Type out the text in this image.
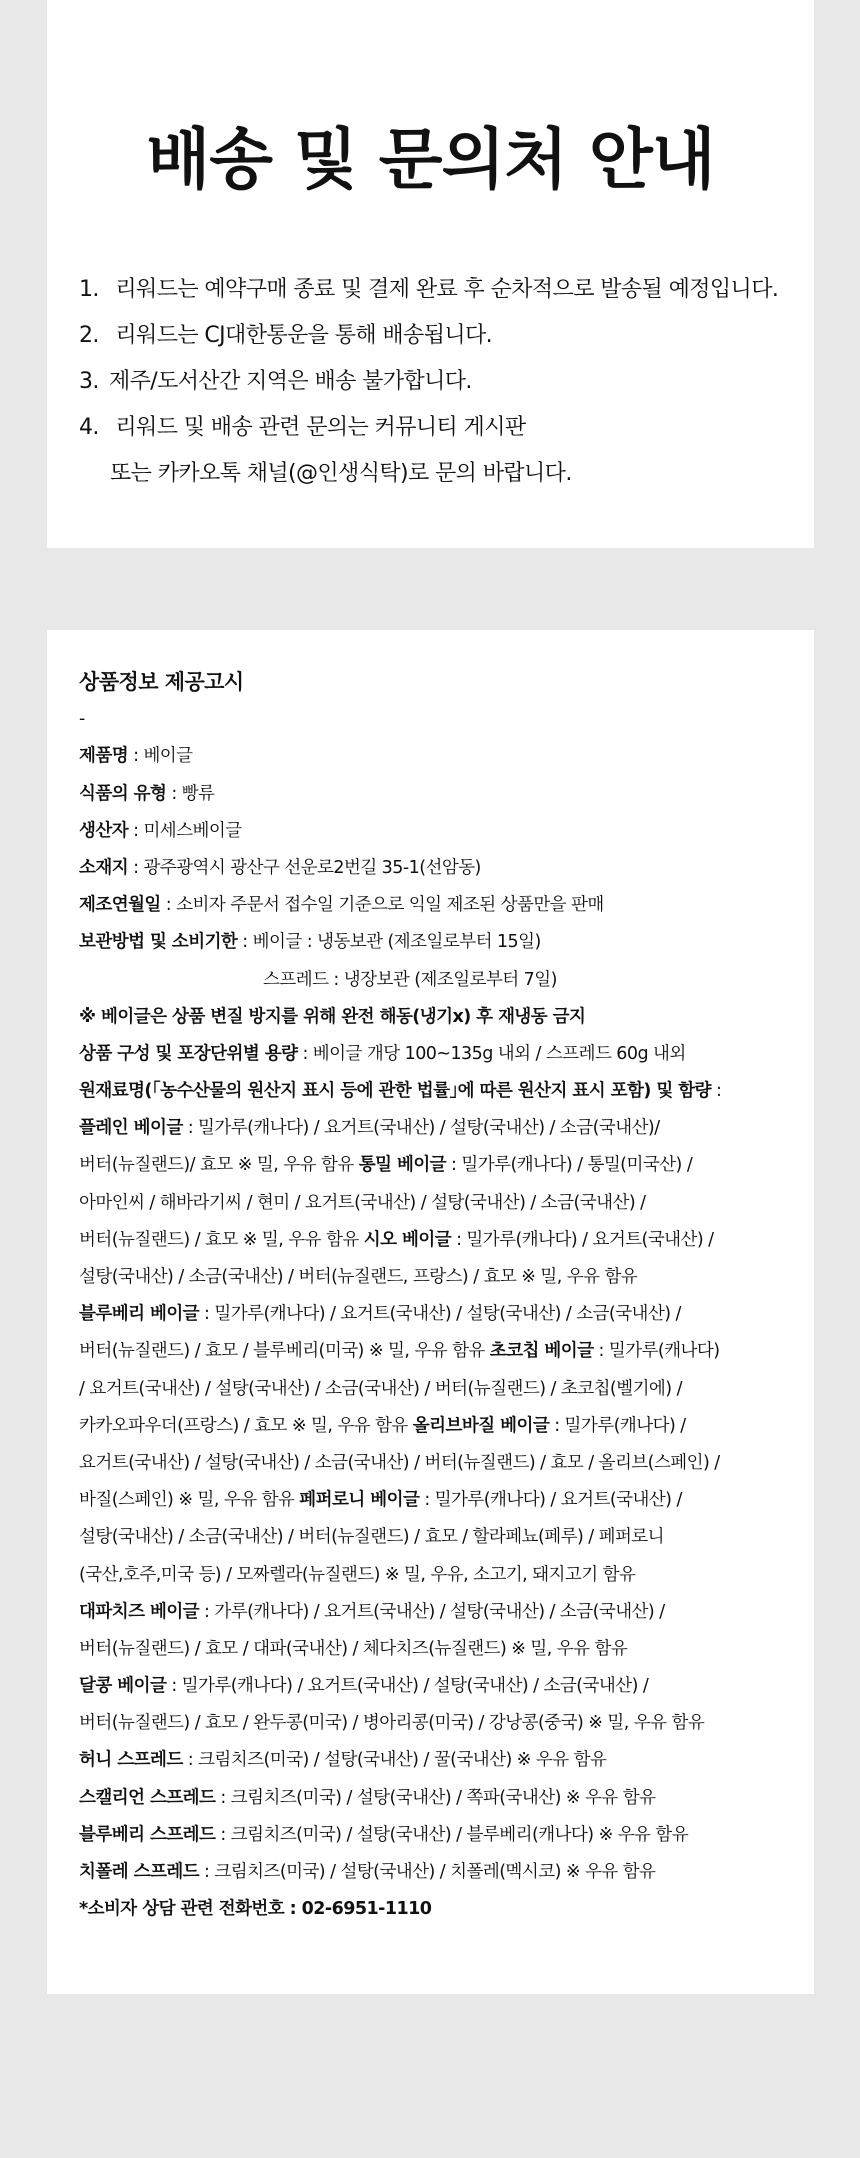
배송 및 문의처 안내
1. 리워드는 예약구매 종료 및 결제 완료 후 순차적으로 발송될 예정입니다.
2. 리워드는 CJ대한통운을 통해 배송됩니다.
3. 제주/도서산간 지역은 배송 불가합니다.
4. 리워드 및 배송 관련 문의는 커뮤니티 게시판
또는 카카오톡 채널(@인생식탁)로 문의 바랍니다.
상품정보 제공고시
-
제품명 : 베이글
식품의 유형 : 빵류
생산자 : 미세스베이글
소재지 : 광주광역시 광산구 선운로2번길 35-1(선암동)
제조연월일 : 소비자 주문서 접수일 기준으로 익일 제조된 상품만을 판매
보관방법 및 소비기한 : 베이글 : 냉동보관 (제조일로부터 15일)
스프레드 : 냉장보관 (제조일로부터 7일)
※ 베이글은 상품 변질 방지를 위해 완전 해동(냉기x) 후 재냉동 금지
상품 구성 및 포장단위별 용량 : 베이글 개당 100~135g 내외 / 스프레드 60g 내외
원재료명(｢농수산물의 원산지 표시 등에 관한 법률｣에 따른 원산지 표시 포함) 및 함량 :
플레인 베이글 : 밀가루(캐나다) / 요거트(국내산) / 설탕(국내산) / 소금(국내산)/
버터(뉴질랜드)/ 효모 ※ 밀, 우유 함유 통밀 베이글 : 밀가루(캐나다) / 통밀(미국산) /
아마인씨 / 해바라기씨 / 현미 / 요거트(국내산) / 설탕(국내산) / 소금(국내산) /
버터(뉴질랜드) / 효모 ※ 밀, 우유 함유 시오 베이글 : 밀가루(캐나다) / 요거트(국내산) /
설탕(국내산) / 소금(국내산) / 버터(뉴질랜드, 프랑스) / 효모 ※ 밀, 우유 함유
블루베리 베이글 : 밀가루(캐나다) / 요거트(국내산) / 설탕(국내산) / 소금(국내산) /
버터(뉴질랜드) / 효모 / 블루베리(미국) ※ 밀, 우유 함유 초코칩 베이글 : 밀가루(캐나다)
/ 요거트(국내산) / 설탕(국내산) / 소금(국내산) / 버터(뉴질랜드) / 초코칩(벨기에) /
카카오파우더(프랑스) / 효모 ※ 밀, 우유 함유 올리브바질 베이글 : 밀가루(캐나다) /
요거트(국내산) / 설탕(국내산) / 소금(국내산) / 버터(뉴질랜드) / 효모 / 올리브(스페인) /
바질(스페인) ※ 밀, 우유 함유 페퍼로니 베이글 : 밀가루(캐나다) / 요거트(국내산) /
설탕(국내산) / 소금(국내산) / 버터(뉴질랜드) / 효모 / 할라페뇨(페루) / 페퍼로니
(국산,호주,미국 등) / 모짜렐라(뉴질랜드) ※ 밀, 우유, 소고기, 돼지고기 함유
대파치즈 베이글 : 가루(캐나다) / 요거트(국내산) / 설탕(국내산) / 소금(국내산) /
버터(뉴질랜드) / 효모 / 대파(국내산) / 체다치즈(뉴질랜드) ※ 밀, 우유 함유
달콩 베이글 : 밀가루(캐나다) / 요거트(국내산) / 설탕(국내산) / 소금(국내산) /
버터(뉴질랜드) / 효모 / 완두콩(미국) / 병아리콩(미국) / 강낭콩(중국) ※ 밀, 우유 함유
허니 스프레드 : 크림치즈(미국) / 설탕(국내산) / 꿀(국내산) ※ 우유 함유
스캘리언 스프레드 : 크림치즈(미국) / 설탕(국내산) / 쪽파(국내산) ※ 우유 함유
블루베리 스프레드 : 크림치즈(미국) / 설탕(국내산) / 블루베리(캐나다) ※ 우유 함유
치폴레 스프레드 : 크림치즈(미국) / 설탕(국내산) / 치폴레(멕시코) ※ 우유 함유
*소비자 상담 관련 전화번호 : 02-6951-1110
